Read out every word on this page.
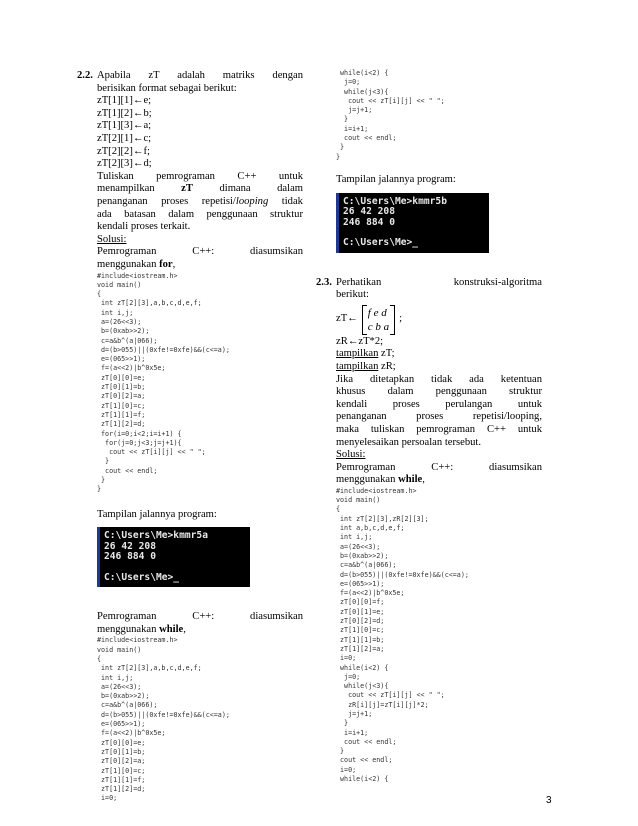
2.2. Apabila zT adalah matriks dengan
berisikan format sebagai berikut:
zT[1][1]←e;
zT[1][2]←b;
zT[1][3]←a;
zT[2][1]←c;
zT[2][2]←f;
zT[2][3]←d;
Tuliskan pemrograman C++ untuk
menampilkan	zT	dimana dalam
penanganan proses repetisi/looping tidak
ada batasan dalam penggunaan struktur
kendali proses terkait.
Solusi:
Pemrograman	C++:	diasumsikan
menggunakan for,
#include<iostream.h>
void main()
{
int zT[2][3],a,b,c,d,e,f;
int i,j;
a=(26<<3);
b=(0xab>>2);
c=a&b^(a|066);
d=(b>055)||(0xfe!=0xfe)&&(c<=a);
e=(065>>1);
f=(a<<2)|b^0x5e;
zT[0][0]=e;
zT[0][1]=b;
zT[0][2]=a;
zT[1][0]=c;
zT[1][1]=f;
zT[1][2]=d;
for(i=0;i<2;i=i+1) {
for(j=0;j<3;j=j+1){
cout << zT[i][j] << " ";
}
cout << endl;
}
}
Tampilan jalannya program:
C:\Users\Me>kmmr5a
26 42 208
246 884 0
C:\Users\Me>_
Pemrograman	C++:	diasumsikan
menggunakan while,
#include<iostream.h>
void main()
{
int zT[2][3],a,b,c,d,e,f;
int i,j;
a=(26<<3);
b=(0xab>>2);
c=a&b^(a|066);
d=(b>055)||(0xfe!=0xfe)&&(c<=a);
e=(065>>1);
f=(a<<2)|b^0x5e;
zT[0][0]=e;
zT[0][1]=b;
zT[0][2]=a;
zT[1][0]=c;
zT[1][1]=f;
zT[1][2]=d;
i=0;
while(i<2) {
j=0;
while(j<3){
cout << zT[i][j] << " ";
j=j+1;
}
i=i+1;
cout << endl;
}
}
Tampilan jalannya program:
C:\Users\Me>kmmr5b
26 42 208
246 884 0
C:\Users\Me>_
2.3. Perhatikan	konstruksi-algoritma
berikut:
zT←
f e d
c b a
;
zR←zT*2;
tampilkan zT;
tampilkan zR;
Jika ditetapkan tidak ada ketentuan
khusus dalam penggunaan struktur
kendali proses perulangan untuk
penanganan proses repetisi/looping,
maka tuliskan pemrograman C++ untuk
menyelesaikan persoalan tersebut.
Solusi:
Pemrograman	C++:	diasumsikan
menggunakan while,
#include<iostream.h>
void main()
{
int zT[2][3],zR[2][3];
int a,b,c,d,e,f;
int i,j;
a=(26<<3);
b=(0xab>>2);
c=a&b^(a|066);
d=(b>055)||(0xfe!=0xfe)&&(c<=a);
e=(065>>1);
f=(a<<2)|b^0x5e;
zT[0][0]=f;
zT[0][1]=e;
zT[0][2]=d;
zT[1][0]=c;
zT[1][1]=b;
zT[1][2]=a;
i=0;
while(i<2) {
j=0;
while(j<3){
cout << zT[i][j] << " ";
zR[i][j]=zT[i][j]*2;
j=j+1;
}
i=i+1;
cout << endl;
}
cout << endl;
i=0;
while(i<2) {
3
